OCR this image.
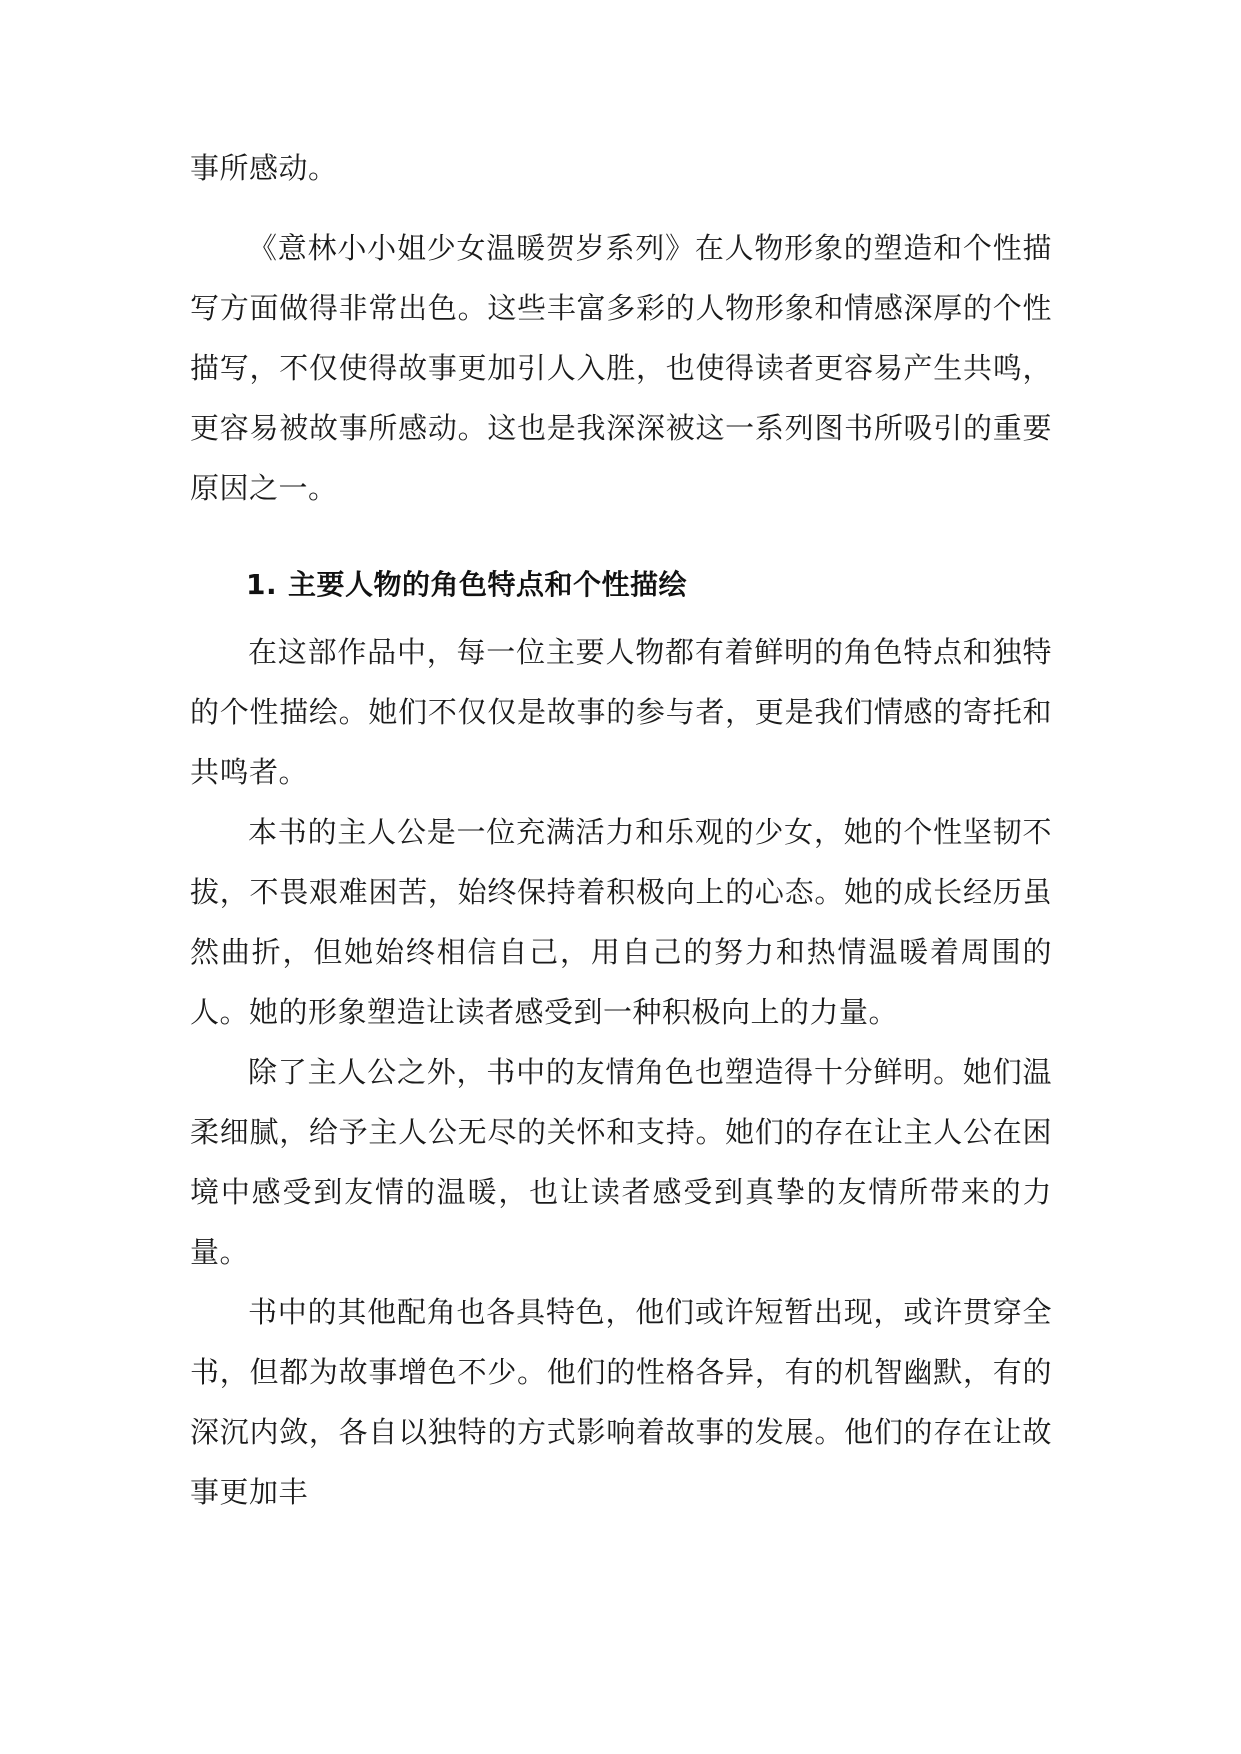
事所感动。

《意林小小姐少女温暖贺岁系列》在人物形象的塑造和个性描写方面做得非常出色。这些丰富多彩的人物形象和情感深厚的个性描写，不仅使得故事更加引人入胜，也使得读者更容易产生共鸣，更容易被故事所感动。这也是我深深被这一系列图书所吸引的重要原因之一。

1. 主要人物的角色特点和个性描绘

在这部作品中，每一位主要人物都有着鲜明的角色特点和独特的个性描绘。她们不仅仅是故事的参与者，更是我们情感的寄托和共鸣者。

本书的主人公是一位充满活力和乐观的少女，她的个性坚韧不拔，不畏艰难困苦，始终保持着积极向上的心态。她的成长经历虽然曲折，但她始终相信自己，用自己的努力和热情温暖着周围的人。她的形象塑造让读者感受到一种积极向上的力量。

除了主人公之外，书中的友情角色也塑造得十分鲜明。她们温柔细腻，给予主人公无尽的关怀和支持。她们的存在让主人公在困境中感受到友情的温暖，也让读者感受到真挚的友情所带来的力量。

书中的其他配角也各具特色，他们或许短暂出现，或许贯穿全书，但都为故事增色不少。他们的性格各异，有的机智幽默，有的深沉内敛，各自以独特的方式影响着故事的发展。他们的存在让故事更加丰
